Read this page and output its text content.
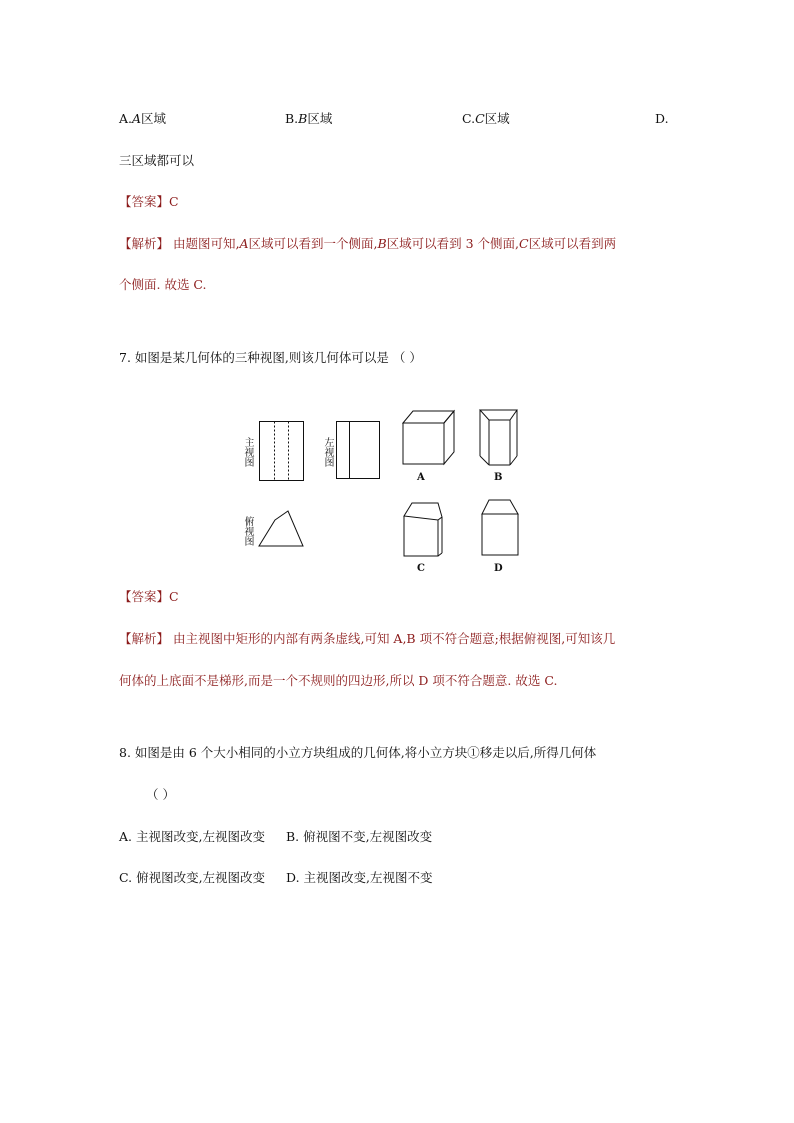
A.𝐴区域	B.𝐵区域	C.𝐶区域	D.
三区域都可以
【答案】C
【解析】 由题图可知,𝐴区域可以看到一个侧面,𝐵区域可以看到 3 个侧面,𝐶区域可以看到两
个侧面. 故选 C.
7. 如图是某几何体的三种视图,则该几何体可以是 （ ）
主视图
左视图
俯视图
A	B
C	D
【答案】C
【解析】 由主视图中矩形的内部有两条虚线,可知 A,B 项不符合题意;根据俯视图,可知该几
何体的上底面不是梯形,而是一个不规则的四边形,所以 D 项不符合题意. 故选 C.
8. 如图是由 6 个大小相同的小立方块组成的几何体,将小立方块①移走以后,所得几何体
（ ）
A. 主视图改变,左视图改变 B. 俯视图不变,左视图改变
C. 俯视图改变,左视图改变 D. 主视图改变,左视图不变
